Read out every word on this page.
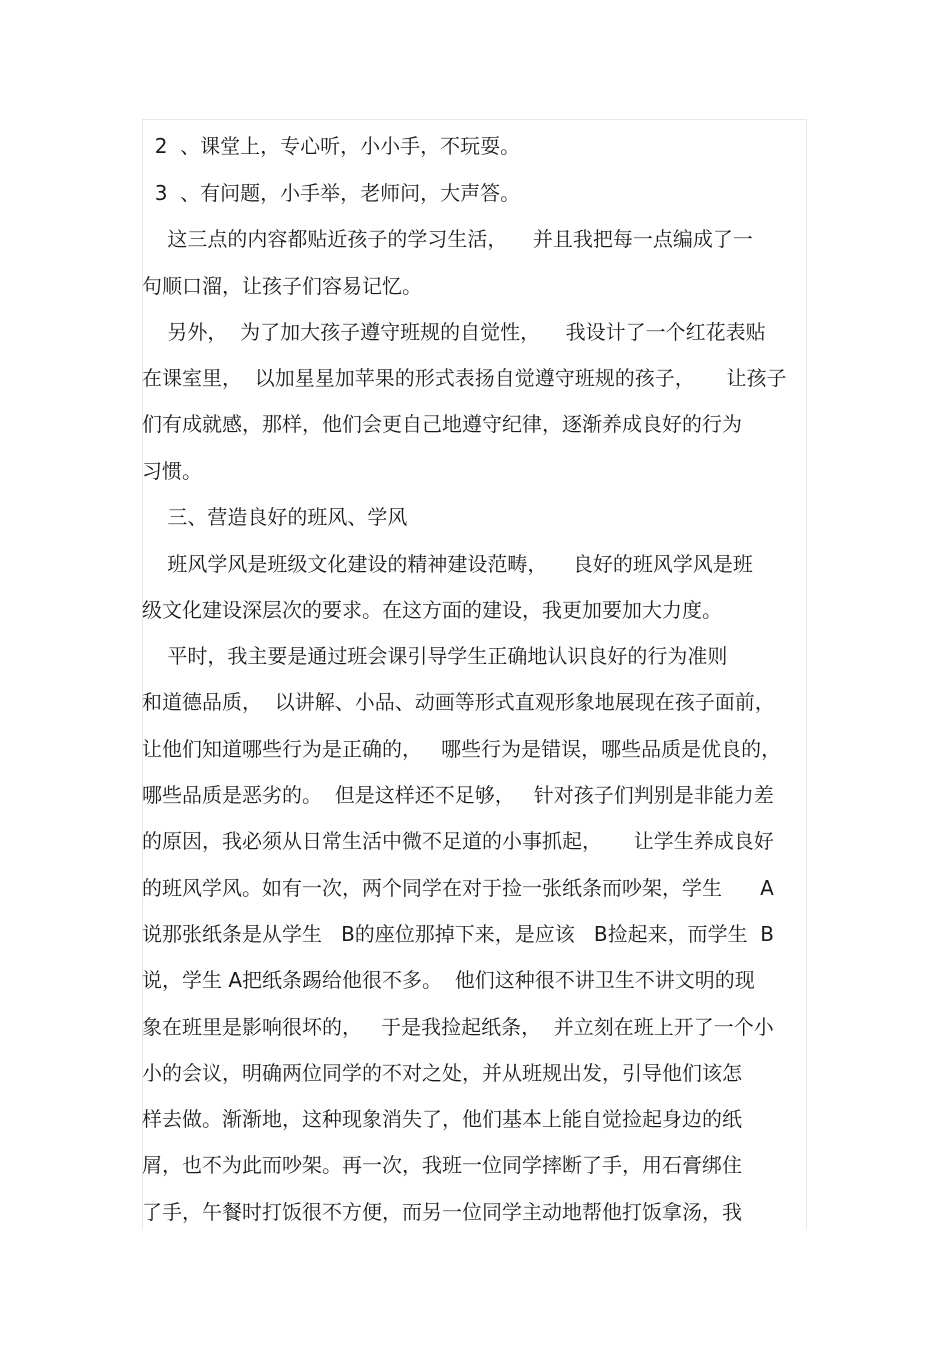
2  、课堂上，专心听，小小手，不玩耍。
3  、有问题，小手举，老师问，大声答。
这三点的内容都贴近孩子的学习生活，    并且我把每一点编成了一
句顺口溜，让孩子们容易记忆。
另外，  为了加大孩子遵守班规的自觉性，    我设计了一个红花表贴
在课室里，  以加星星加苹果的形式表扬自觉遵守班规的孩子，     让孩子
们有成就感，那样，他们会更自己地遵守纪律，逐渐养成良好的行为
习惯。
三、营造良好的班风、学风
班风学风是班级文化建设的精神建设范畴，    良好的班风学风是班
级文化建设深层次的要求。在这方面的建设，我更加要加大力度。
平时，我主要是通过班会课引导学生正确地认识良好的行为准则
和道德品质，  以讲解、小品、动画等形式直观形象地展现在孩子面前，
让他们知道哪些行为是正确的，   哪些行为是错误，哪些品质是优良的，
哪些品质是恶劣的。  但是这样还不足够，   针对孩子们判别是非能力差
的原因，我必须从日常生活中微不足道的小事抓起，     让学生养成良好
的班风学风。如有一次，两个同学在对于捡一张纸条而吵架，学生      A
说那张纸条是从学生   B的座位那掉下来，是应该   B捡起来，而学生  B
说，学生 A把纸条踢给他很不多。  他们这种很不讲卫生不讲文明的现
象在班里是影响很坏的，   于是我捡起纸条，  并立刻在班上开了一个小
小的会议，明确两位同学的不对之处，并从班规出发，引导他们该怎
样去做。渐渐地，这种现象消失了，他们基本上能自觉捡起身边的纸
屑，也不为此而吵架。再一次，我班一位同学摔断了手，用石膏绑住
了手，午餐时打饭很不方便，而另一位同学主动地帮他打饭拿汤，我
